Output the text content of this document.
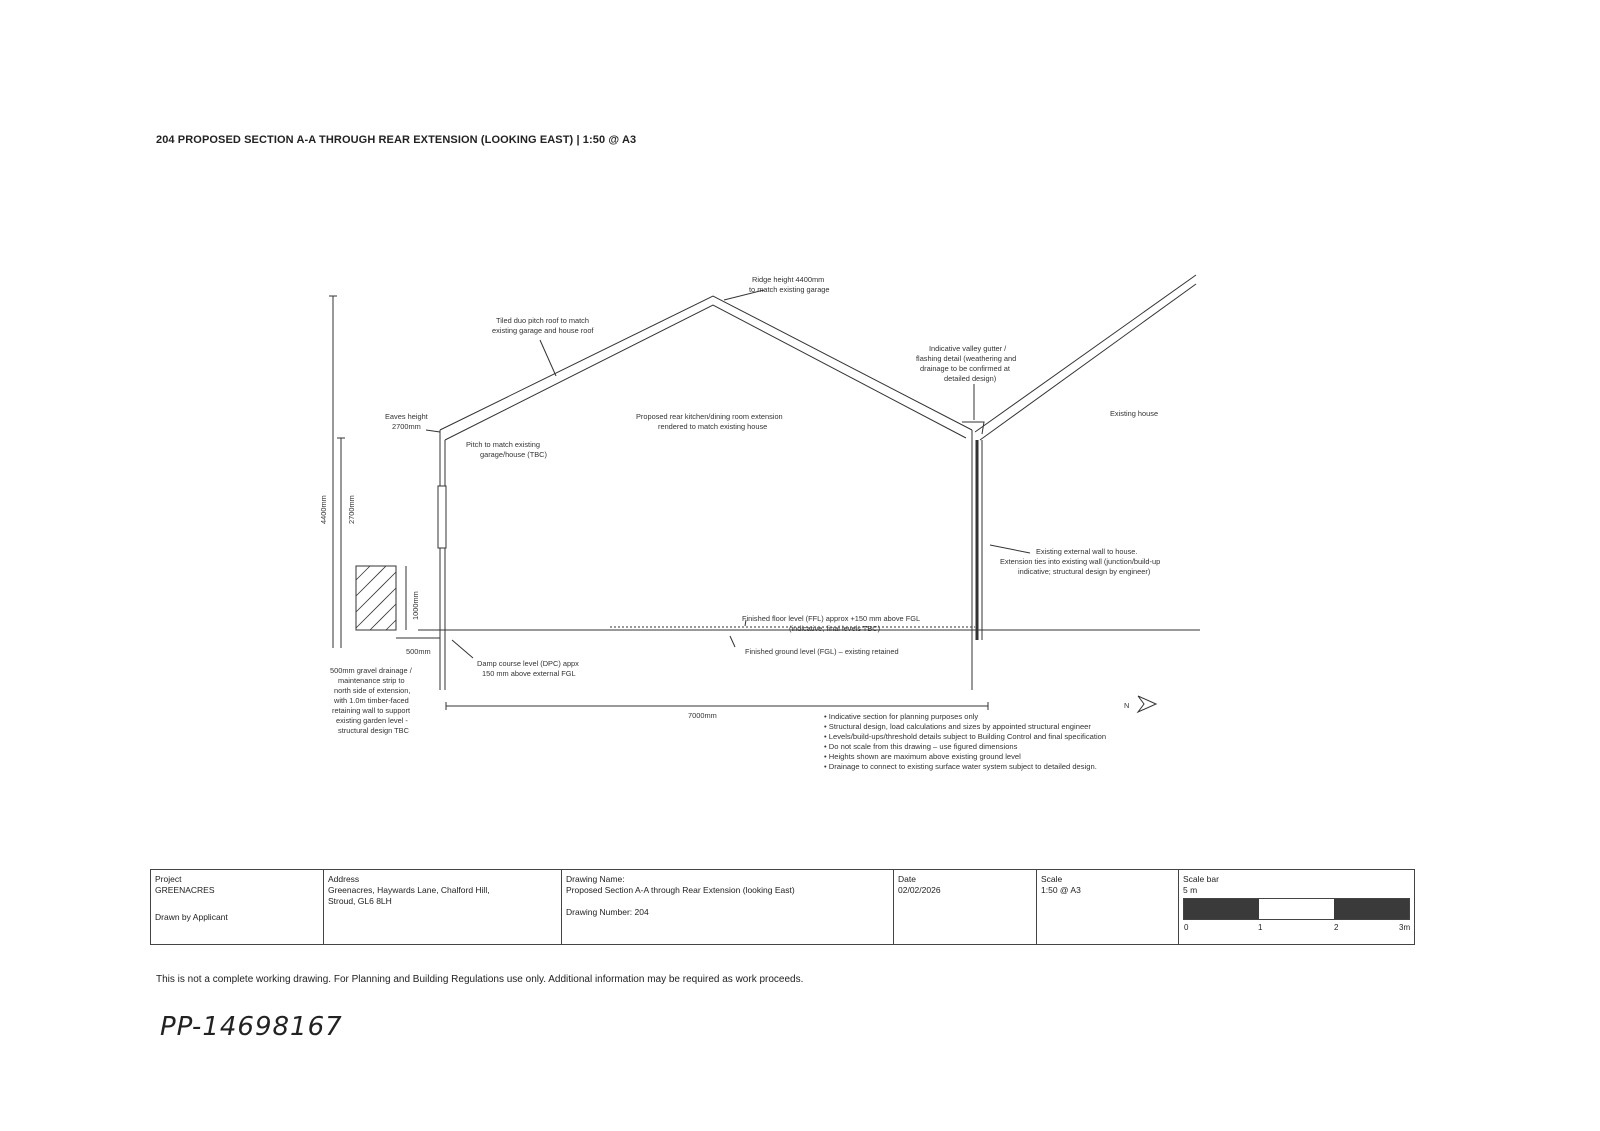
204 PROPOSED SECTION A-A THROUGH REAR EXTENSION (LOOKING EAST) | 1:50 @ A3
Ridge height 4400mm
to match existing garage
Tiled duo pitch roof to match
existing garage and house roof
Indicative valley gutter /
flashing detail (weathering and
drainage to be confirmed at
detailed design)
Eaves height
2700mm
Pitch to match existing
garage/house (TBC)
Proposed rear kitchen/dining room extension
rendered to match existing house
Existing house
Existing external wall to house.
Extension ties into existing wall (junction/build-up
indicative; structural design by engineer)
Finished floor level (FFL) approx +150 mm above FGL
(indicative; final levels TBC)
Finished ground level (FGL) – existing retained
Damp course level (DPC) appx
150 mm above external FGL
500mm gravel drainage /
maintenance strip to
north side of extension,
with 1.0m timber-faced
retaining wall to support
existing garden level -
structural design TBC
4400mm	2700mm
1000mm
500mm
7000mm
N
• Indicative section for planning purposes only
• Structural design, load calculations and sizes by appointed structural engineer
• Levels/build-ups/threshold details subject to Building Control and final specification
• Do not scale from this drawing – use figured dimensions
• Heights shown are maximum above existing ground level
• Drainage to connect to existing surface water system subject to detailed design.
Project
GREENACRES
Drawn by Applicant
Address
Greenacres, Haywards Lane, Chalford Hill,
Stroud, GL6 8LH
Drawing Name:
Proposed Section A-A through Rear Extension (looking East)
Drawing Number: 204
Date
02/02/2026
Scale
1:50 @ A3
Scale bar
5 m
0	1	2	3m
This is not a complete working drawing. For Planning and Building Regulations use only. Additional information may be required as work proceeds.
PP-14698167
